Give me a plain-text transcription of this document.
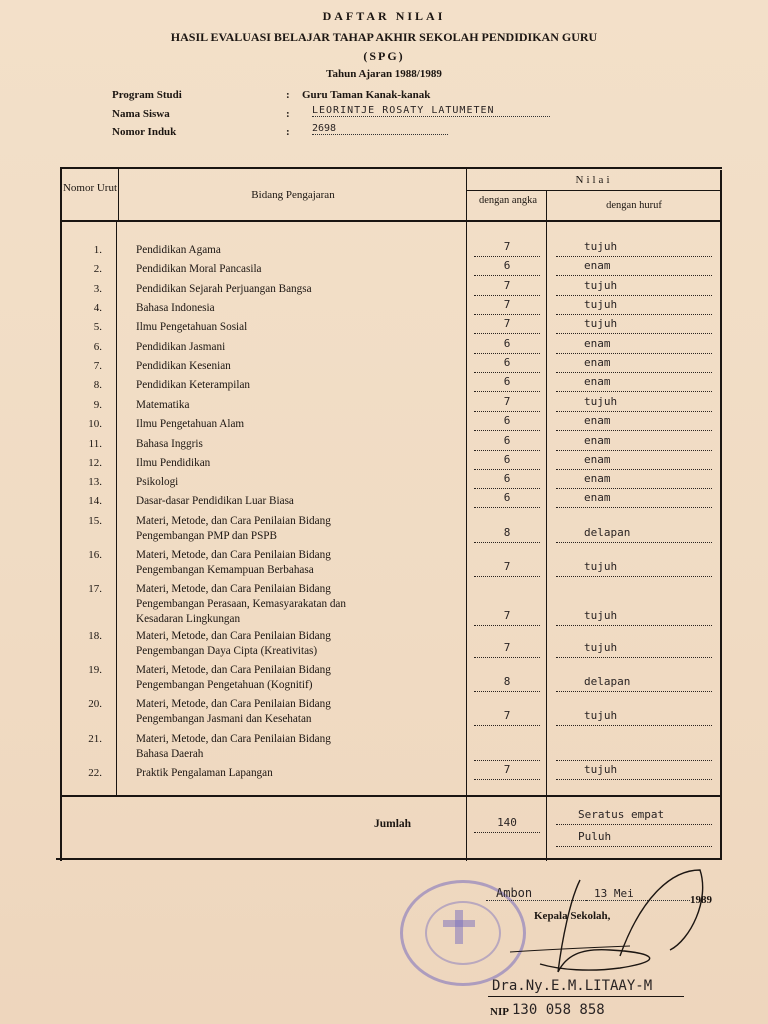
DAFTAR NILAI
HASIL EVALUASI BELAJAR TAHAP AKHIR SEKOLAH PENDIDIKAN GURU
(SPG)
Tahun Ajaran 1988/1989
Program Studi	: Guru Taman Kanak-kanak
Nama Siswa	: LEORINTJE ROSATY LATUMETEN
Nomor Induk	: 2698
Nomor Urut
Bidang Pengajaran
Nilai
dengan angka	dengan huruf
1.	Pendidikan Agama	7	tujuh
2.	Pendidikan Moral Pancasila	6	enam
3.	Pendidikan Sejarah Perjuangan Bangsa	7	tujuh
4.	Bahasa Indonesia	7	tujuh
5.	Ilmu Pengetahuan Sosial	7	tujuh
6.	Pendidikan Jasmani	6	enam
7.	Pendidikan Kesenian	6	enam
8.	Pendidikan Keterampilan	6	enam
9.	Matematika	7	tujuh
10.	Ilmu Pengetahuan Alam	6	enam
11.	Bahasa Inggris	6	enam
12.	Ilmu Pendidikan	6	enam
13.	Psikologi	6	enam
14.	Dasar-dasar Pendidikan Luar Biasa	6	enam
15.	Materi, Metode, dan Cara Penilaian Bidang
Pengembangan PMP dan PSPB	8	delapan
16.	Materi, Metode, dan Cara Penilaian Bidang
Pengembangan Kemampuan Berbahasa	7	tujuh
17.	Materi, Metode, dan Cara Penilaian Bidang
Pengembangan Perasaan, Kemasyarakatan dan
Kesadaran Lingkungan	7	tujuh
18.	Materi, Metode, dan Cara Penilaian Bidang
Pengembangan Daya Cipta (Kreativitas)	7	tujuh
19.	Materi, Metode, dan Cara Penilaian Bidang
Pengembangan Pengetahuan (Kognitif)	8	delapan
20.	Materi, Metode, dan Cara Penilaian Bidang
Pengembangan Jasmani dan Kesehatan	7	tujuh
21.	Materi, Metode, dan Cara Penilaian Bidang
Bahasa Daerah
22.	Praktik Pengalaman Lapangan	7	tujuh
Jumlah	140
Seratus empat
Puluh
Ambon	13 Mei	1989
Kepala Sekolah,
Dra.Ny.E.M.LITAAY-M
NIP 130 058 858
